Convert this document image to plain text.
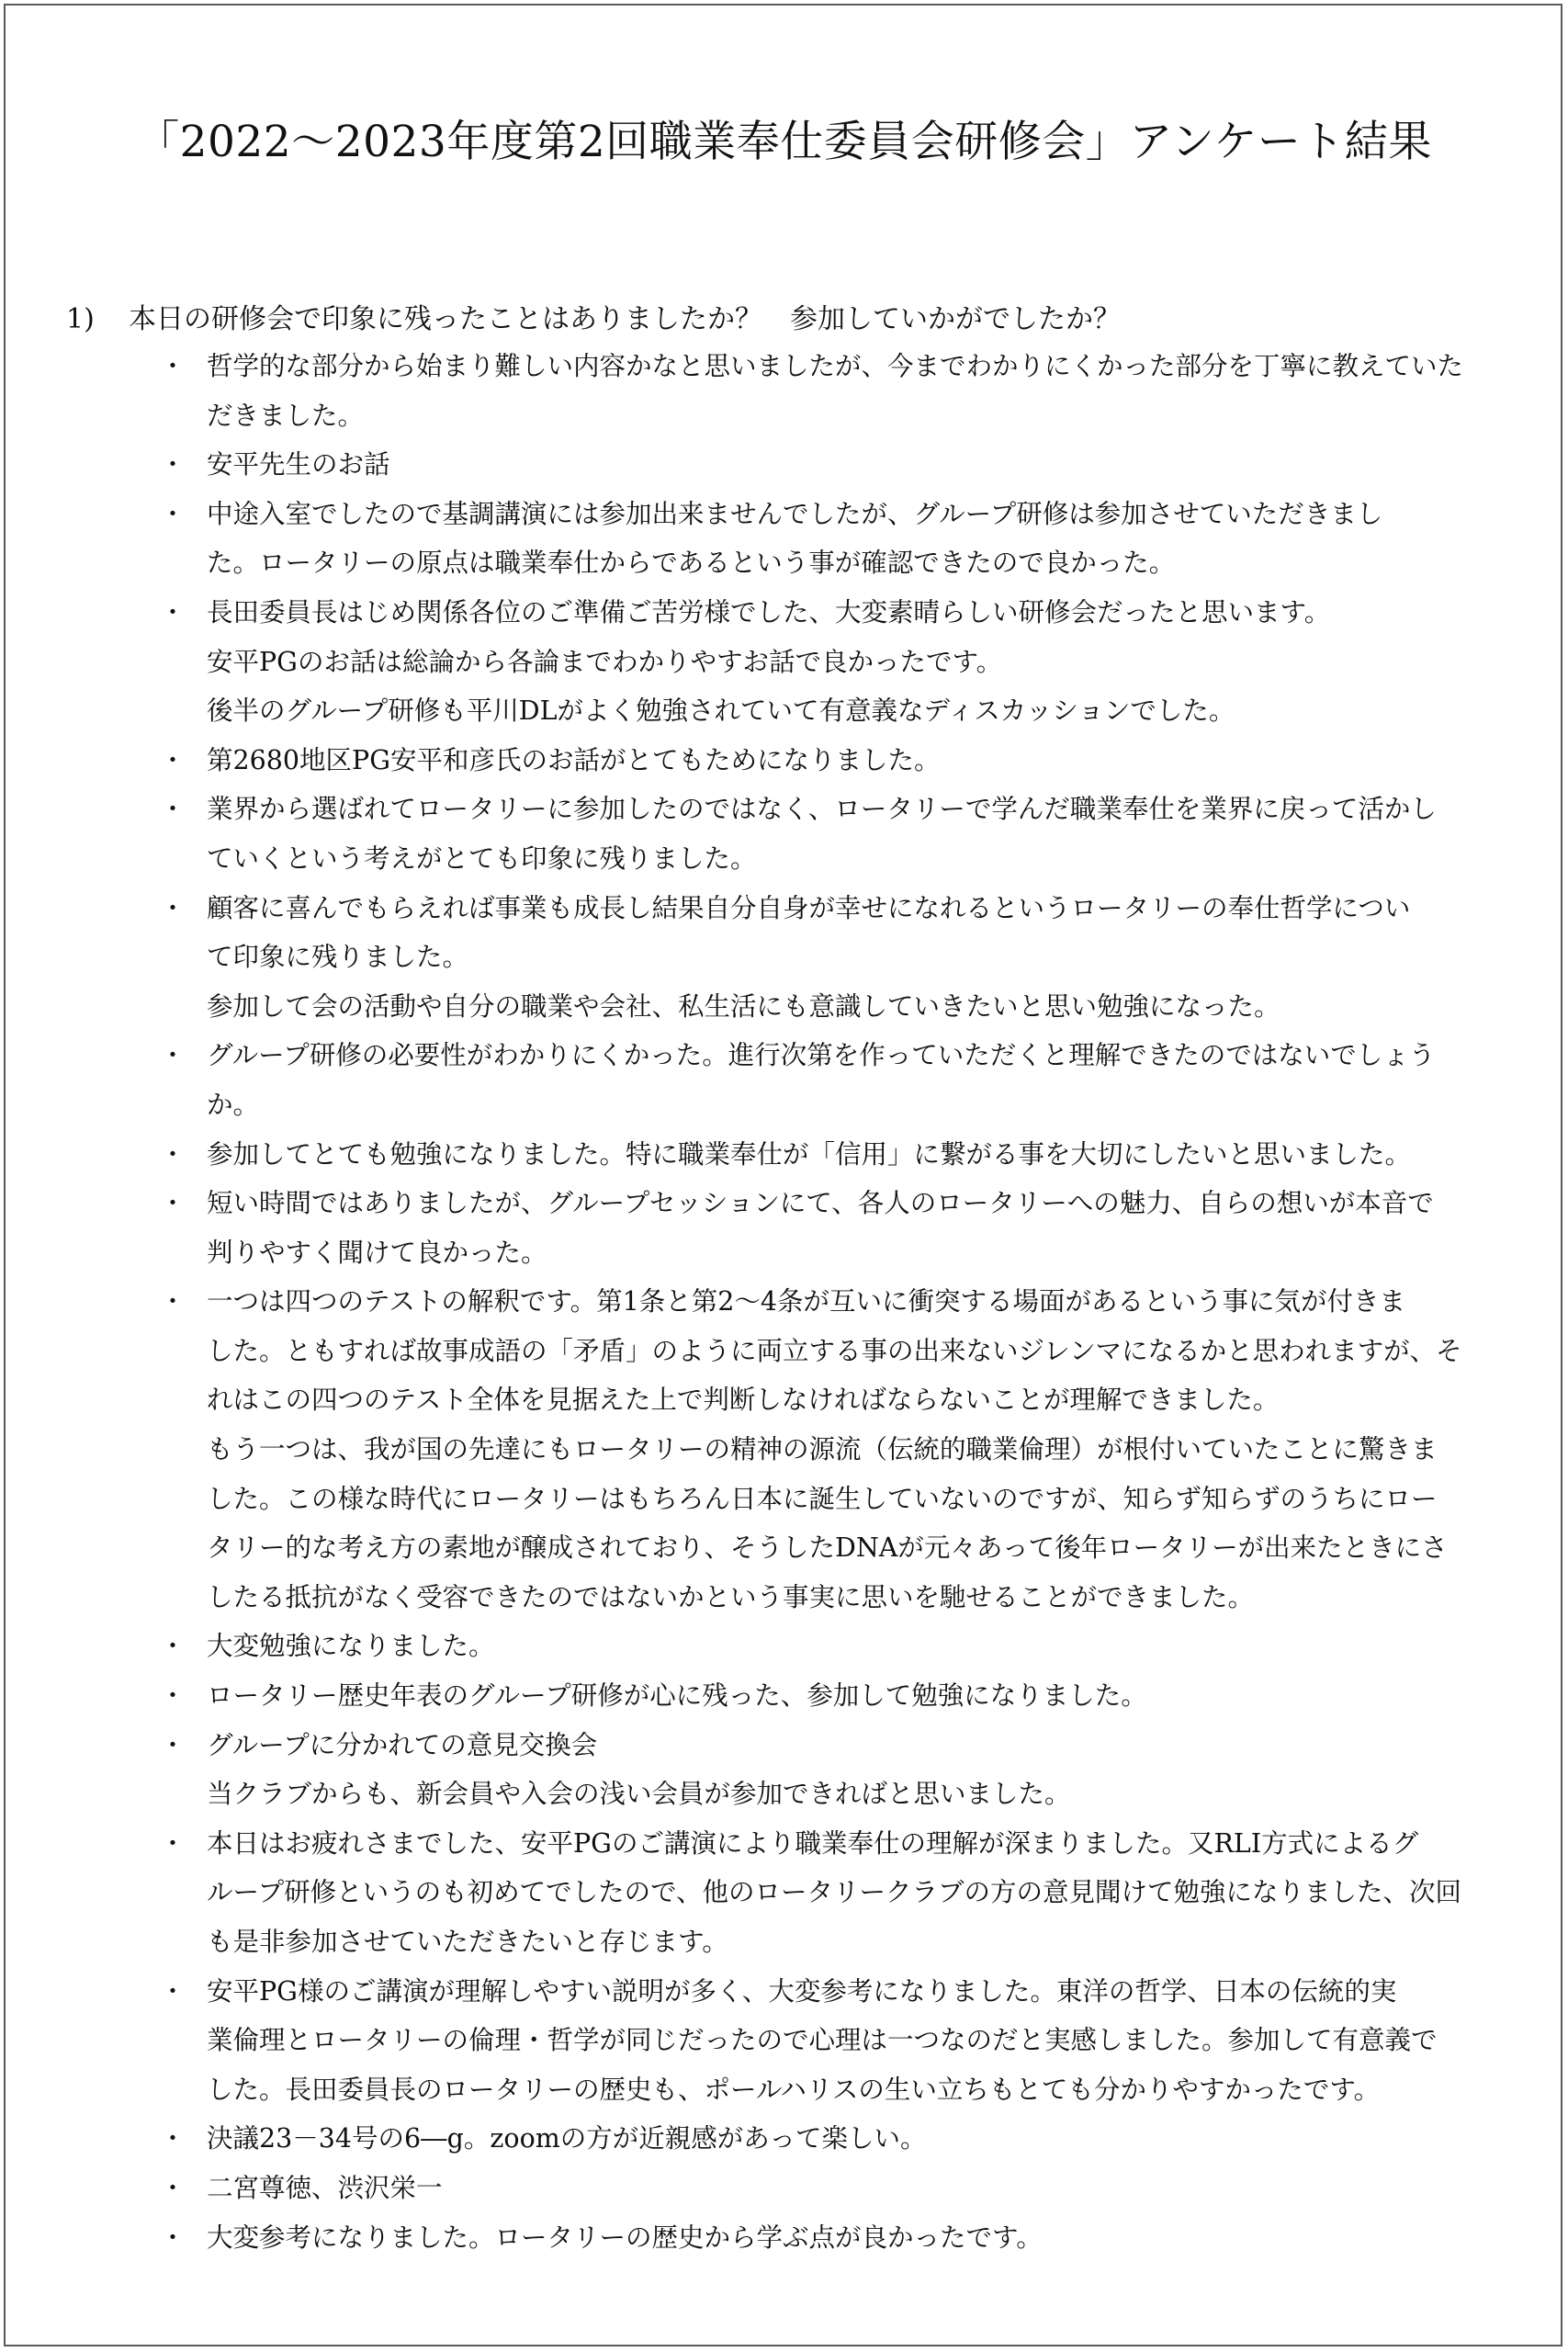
「2022～2023年度第2回職業奉仕委員会研修会」アンケート結果
1) 本日の研修会で印象に残ったことはありましたか？　参加していかがでしたか？
・ 哲学的な部分から始まり難しい内容かなと思いましたが、今までわかりにくかった部分を丁寧に教えていた
だきました。
・ 安平先生のお話
・ 中途入室でしたので基調講演には参加出来ませんでしたが、グループ研修は参加させていただきまし
た。ロータリーの原点は職業奉仕からであるという事が確認できたので良かった。
・ 長田委員長はじめ関係各位のご準備ご苦労様でした、大変素晴らしい研修会だったと思います。
安平PGのお話は総論から各論までわかりやすお話で良かったです。
後半のグループ研修も平川DLがよく勉強されていて有意義なディスカッションでした。
・ 第2680地区PG安平和彦氏のお話がとてもためになりました。
・ 業界から選ばれてロータリーに参加したのではなく、ロータリーで学んだ職業奉仕を業界に戻って活かし
ていくという考えがとても印象に残りました。
・ 顧客に喜んでもらえれば事業も成長し結果自分自身が幸せになれるというロータリーの奉仕哲学につい
て印象に残りました。
参加して会の活動や自分の職業や会社、私生活にも意識していきたいと思い勉強になった。
・ グループ研修の必要性がわかりにくかった。進行次第を作っていただくと理解できたのではないでしょう
か。
・ 参加してとても勉強になりました。特に職業奉仕が「信用」に繋がる事を大切にしたいと思いました。
・ 短い時間ではありましたが、グループセッションにて、各人のロータリーへの魅力、自らの想いが本音で
判りやすく聞けて良かった。
・ 一つは四つのテストの解釈です。第1条と第2～4条が互いに衝突する場面があるという事に気が付きま
した。ともすれば故事成語の「矛盾」のように両立する事の出来ないジレンマになるかと思われますが、そ
れはこの四つのテスト全体を見据えた上で判断しなければならないことが理解できました。
もう一つは、我が国の先達にもロータリーの精神の源流（伝統的職業倫理）が根付いていたことに驚きま
した。この様な時代にロータリーはもちろん日本に誕生していないのですが、知らず知らずのうちにロー
タリー的な考え方の素地が醸成されており、そうしたDNAが元々あって後年ロータリーが出来たときにさ
したる抵抗がなく受容できたのではないかという事実に思いを馳せることができました。
・ 大変勉強になりました。
・ ロータリー歴史年表のグループ研修が心に残った、参加して勉強になりました。
・ グループに分かれての意見交換会
当クラブからも、新会員や入会の浅い会員が参加できればと思いました。
・ 本日はお疲れさまでした、安平PGのご講演により職業奉仕の理解が深まりました。又RLI方式によるグ
ループ研修というのも初めてでしたので、他のロータリークラブの方の意見聞けて勉強になりました、次回
も是非参加させていただきたいと存じます。
・ 安平PG様のご講演が理解しやすい説明が多く、大変参考になりました。東洋の哲学、日本の伝統的実
業倫理とロータリーの倫理・哲学が同じだったので心理は一つなのだと実感しました。参加して有意義で
した。長田委員長のロータリーの歴史も、ポールハリスの生い立ちもとても分かりやすかったです。
・ 決議23－34号の6―g。zoomの方が近親感があって楽しい。
・ 二宮尊徳、渋沢栄一
・ 大変参考になりました。ロータリーの歴史から学ぶ点が良かったです。
